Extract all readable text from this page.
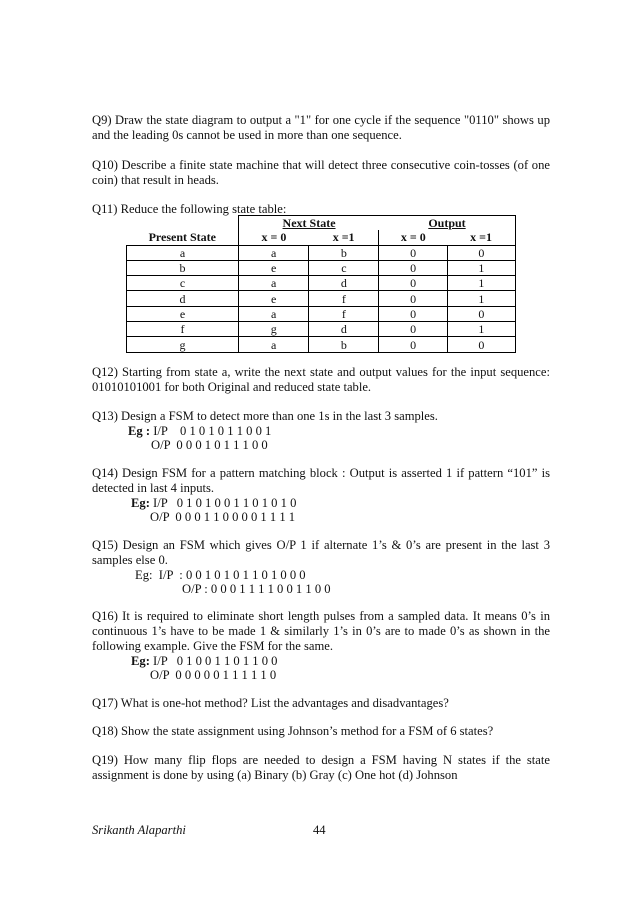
Q9) Draw the state diagram to output a "1" for one cycle if the sequence "0110" shows up and the leading 0s cannot be used in more than one sequence.

Q10) Describe a finite state machine that will detect three consecutive coin-tosses (of one coin) that result in heads.

Q11) Reduce the following state table:

	Next State		Output	
Present State	x = 0	x =1	x = 0	x =1
a	a	b	0	0
b	e	c	0	1
c	a	d	0	1
d	e	f	0	1
e	a	f	0	0
f	g	d	0	1
g	a	b	0	0

Q12) Starting from state a, write the next state and output values for the input sequence: 01010101001 for both Original and reduced state table.

Q13) Design a FSM to detect more than one 1s in the last 3 samples.

Eg : I/P    0 1 0 1 0 1 1 0 0 1
O/P  0 0 0 1 0 1 1 1 0 0

Q14) Design FSM for a pattern matching block : Output is asserted 1 if pattern “101” is detected in last 4 inputs.

Eg: I/P   0 1 0 1 0 0 1 1 0 1 0 1 0
O/P  0 0 0 1 1 0 0 0 0 1 1 1 1

Q15) Design an FSM which gives O/P 1 if alternate 1’s & 0’s are present in the last 3 samples else 0.

Eg:  I/P  : 0 0 1 0 1 0 1 1 0 1 0 0 0
O/P : 0 0 0 1 1 1 1 0 0 1 1 0 0

Q16) It is required to eliminate short length pulses from a sampled data. It means 0’s in continuous 1’s have to be made 1 & similarly 1’s in 0’s are to made 0’s as shown in the following example. Give the FSM for the same.

Eg: I/P   0 1 0 0 1 1 0 1 1 0 0
O/P  0 0 0 0 0 1 1 1 1 1 0

Q17) What is one-hot method? List the advantages and disadvantages?

Q18) Show the state assignment using Johnson’s method for a FSM of 6 states?

Q19) How many flip flops are needed to design a FSM having N states if the state assignment is done by using (a) Binary (b) Gray (c) One hot (d) Johnson

Srikanth Alaparthi	44
